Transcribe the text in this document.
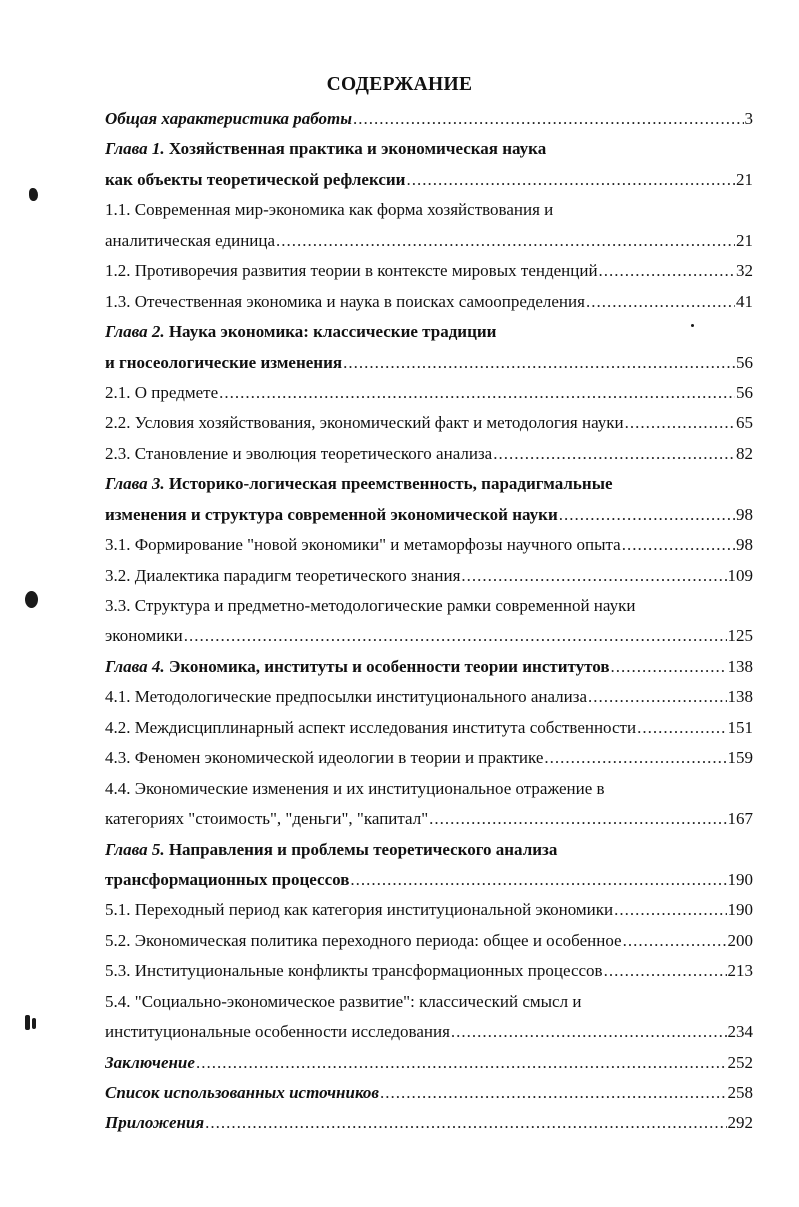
СОДЕРЖАНИЕ
Общая характеристика работы .....	3
Глава 1. Хозяйственная практика и экономическая наука
как объекты теоретической рефлексии .....	21
1.1. Современная мир-экономика как форма хозяйствования и
аналитическая единица .....	21
1.2. Противоречия развития теории в контексте мировых тенденций .....	32
1.3. Отечественная экономика и наука в поисках самоопределения .....	41
Глава 2. Наука экономика: классические традиции
и гносеологические изменения .....	56
2.1. О предмете .....	56
2.2. Условия хозяйствования, экономический факт и методология науки .....	65
2.3. Становление и эволюция теоретического анализа .....	82
Глава 3. Историко-логическая преемственность, парадигмальные
изменения и структура современной экономической науки .....	98
3.1. Формирование "новой экономики" и метаморфозы научного опыта .....	98
3.2. Диалектика парадигм теоретического знания .....	109
3.3. Структура и предметно-методологические рамки современной науки
экономики .....	125
Глава 4. Экономика, институты и особенности теории институтов .....	138
4.1. Методологические предпосылки институционального анализа .....	138
4.2. Междисциплинарный аспект исследования института собственности .....	151
4.3. Феномен экономической идеологии в теории и практике .....	159
4.4. Экономические изменения и их институциональное отражение в
категориях "стоимость", "деньги", "капитал" .....	167
Глава 5. Направления и проблемы теоретического анализа
трансформационных процессов .....	190
5.1. Переходный период как категория институциональной экономики .....	190
5.2. Экономическая политика переходного периода: общее и особенное .....	200
5.3. Институциональные конфликты трансформационных процессов .....	213
5.4. "Социально-экономическое развитие": классический смысл и
институциональные особенности исследования .....	234
Заключение .....	252
Список использованных источников .....	258
Приложения .....	292
